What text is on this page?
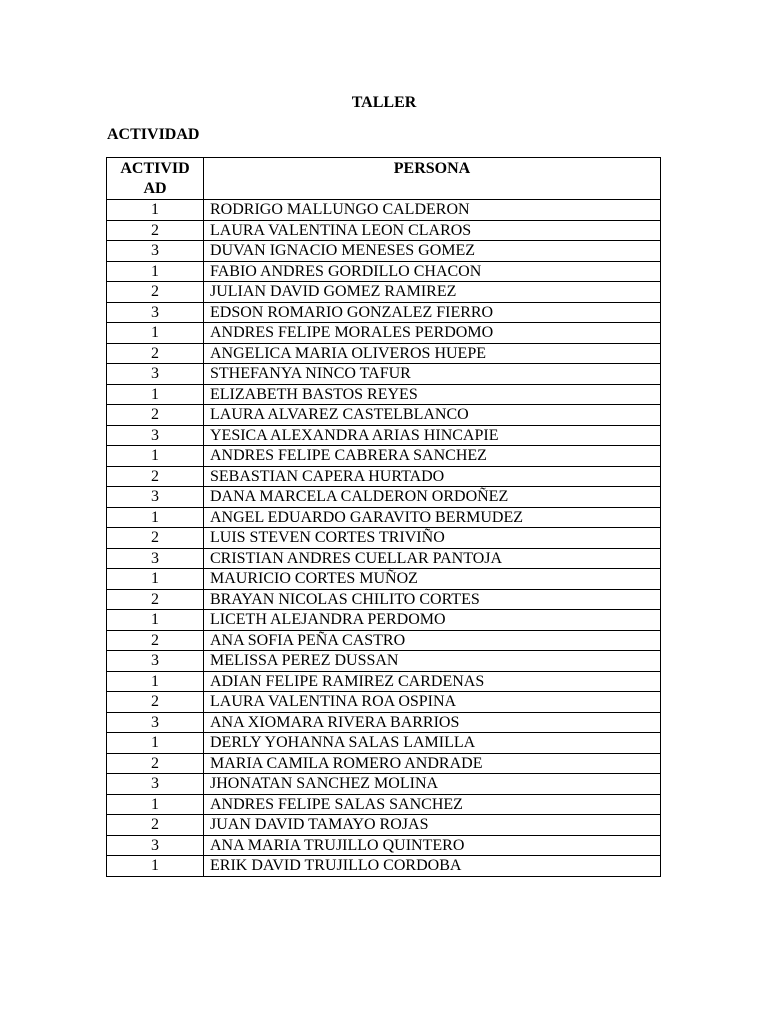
TALLER
ACTIVIDAD
ACTIVIDAD	PERSONA
1	RODRIGO MALLUNGO CALDERON
2	LAURA VALENTINA LEON CLAROS
3	DUVAN IGNACIO MENESES GOMEZ
1	FABIO ANDRES GORDILLO CHACON
2	JULIAN DAVID GOMEZ RAMIREZ
3	EDSON ROMARIO GONZALEZ FIERRO
1	ANDRES FELIPE MORALES PERDOMO
2	ANGELICA MARIA OLIVEROS HUEPE
3	STHEFANYA NINCO TAFUR
1	ELIZABETH BASTOS REYES
2	LAURA ALVAREZ CASTELBLANCO
3	YESICA ALEXANDRA ARIAS HINCAPIE
1	ANDRES FELIPE CABRERA SANCHEZ
2	SEBASTIAN CAPERA HURTADO
3	DANA MARCELA CALDERON ORDOÑEZ
1	ANGEL EDUARDO GARAVITO BERMUDEZ
2	LUIS STEVEN CORTES TRIVIÑO
3	CRISTIAN ANDRES CUELLAR PANTOJA
1	MAURICIO CORTES MUÑOZ
2	BRAYAN NICOLAS CHILITO CORTES
1	LICETH ALEJANDRA PERDOMO
2	ANA SOFIA PEÑA CASTRO
3	MELISSA PEREZ DUSSAN
1	ADIAN FELIPE RAMIREZ CARDENAS
2	LAURA VALENTINA ROA OSPINA
3	ANA XIOMARA RIVERA BARRIOS
1	DERLY YOHANNA SALAS LAMILLA
2	MARIA CAMILA ROMERO ANDRADE
3	JHONATAN SANCHEZ MOLINA
1	ANDRES FELIPE SALAS SANCHEZ
2	JUAN DAVID TAMAYO ROJAS
3	ANA MARIA TRUJILLO QUINTERO
1	ERIK DAVID TRUJILLO CORDOBA
